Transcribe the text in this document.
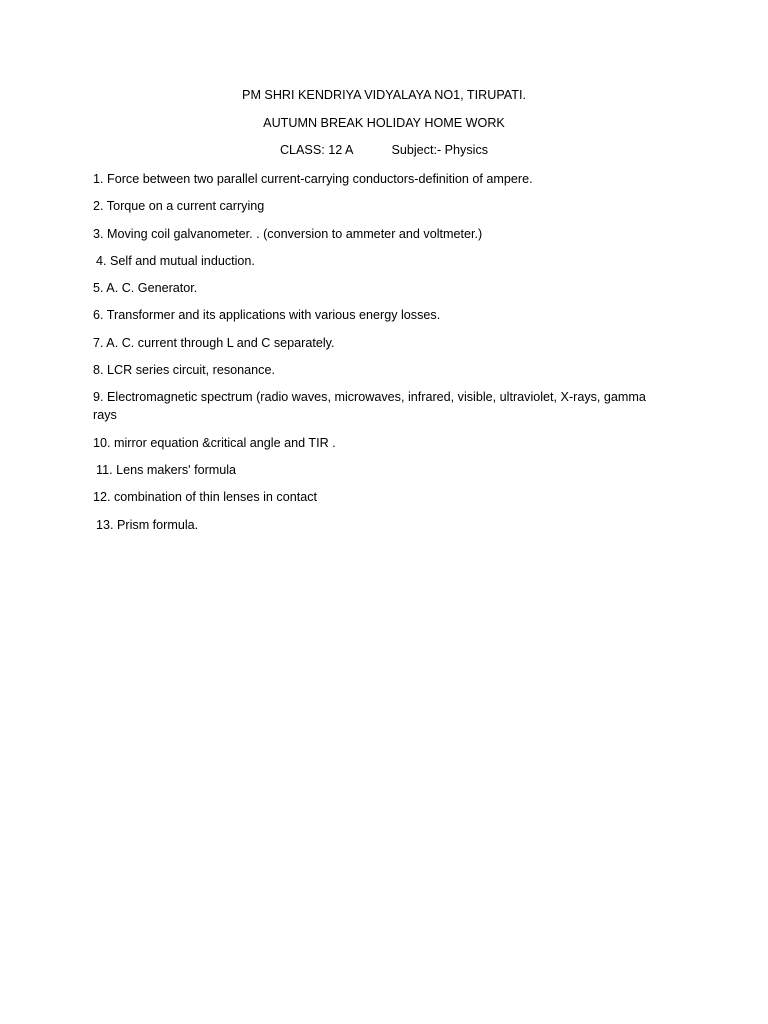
PM SHRI KENDRIYA VIDYALAYA NO1, TIRUPATI.
AUTUMN BREAK HOLIDAY HOME WORK
CLASS: 12 A	Subject:- Physics
1. Force between two parallel current-carrying conductors-definition of ampere.
2. Torque on a current carrying
3. Moving coil galvanometer. . (conversion to ammeter and voltmeter.)
4. Self and mutual induction.
5. A. C. Generator.
6. Transformer and its applications with various energy losses.
7. A. C. current through L and C separately.
8. LCR series circuit, resonance.
9. Electromagnetic spectrum (radio waves, microwaves, infrared, visible, ultraviolet, X-rays, gamma rays
10. mirror equation &critical angle and TIR .
11. Lens makers' formula
12. combination of thin lenses in contact
13. Prism formula.
